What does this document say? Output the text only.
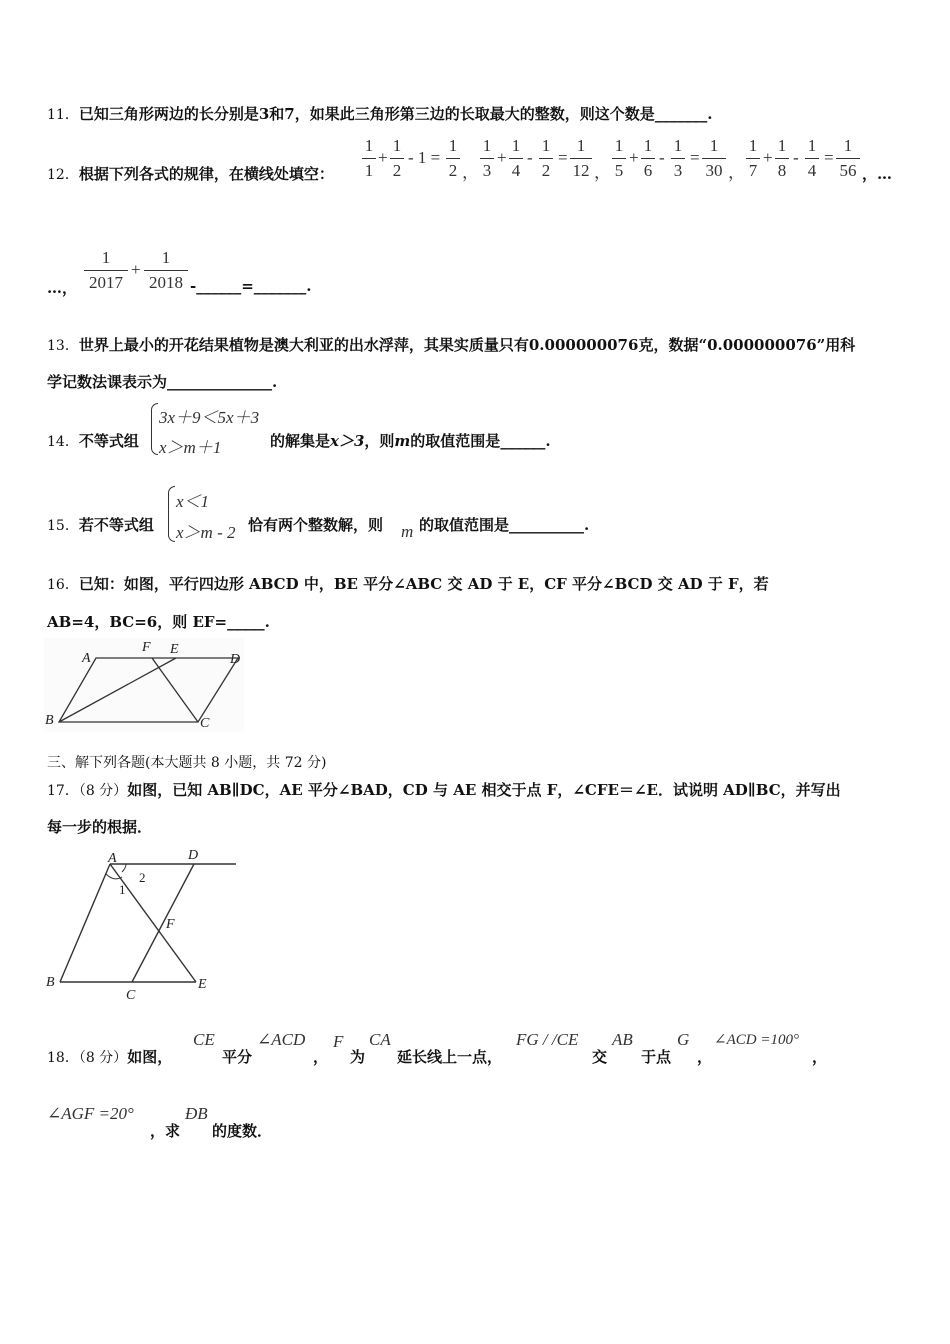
11．已知三角形两边的长分别是3和7，如果此三角形第三边的长取最大的整数，则这个数是_______.
12．根据下列各式的规律，在横线处填空：
1
1
+
1
2
- 1 =
1
2 ，
1
3
+
1
4
-
1
2
=
1
12 ，
1
5
+
1
6
-
1
3
=
1
30 ，
1
7
+
1
8
-
1
4
=
1
56 ，…
…，
1
2017
+
1
2018 -______=_______.
13．世界上最小的开花结果植物是澳大利亚的出水浮萍，其果实质量只有0.000000076克，数据“0.000000076”用科
学记数法课表示为______________.
14．不等式组
3x＋9＜5x＋3
x＞m＋1	的解集是x＞3，则m的取值范围是______.
15．若不等式组
x＜1
x＞m - 2 恰有两个整数解，则 m 的取值范围是__________.
16．已知：如图，平行四边形 ABCD 中，BE 平分∠ABC 交 AD 于 E，CF 平分∠BCD 交 AD 于 F，若
AB=4，BC=6，则 EF=_____.
A
F E
D
B	C
三、解下列各题(本大题共 8 小题，共 72 分)
17．（8 分）如图，已知 AB∥DC，AE 平分∠BAD，CD 与 AE 相交于点 F，∠CFE＝∠E．试说明 AD∥BC，并写出
每一步的根据．
A	D
1
2
F
B
C
E
18．（8 分）如图，
CE
平分
∠ACD
，
F
为
CA
延长线上一点，
FG / /CE
交
AB
于点
G
，
∠ACD =100°
，
∠AGF =20°
，求
ÐB
的度数．
